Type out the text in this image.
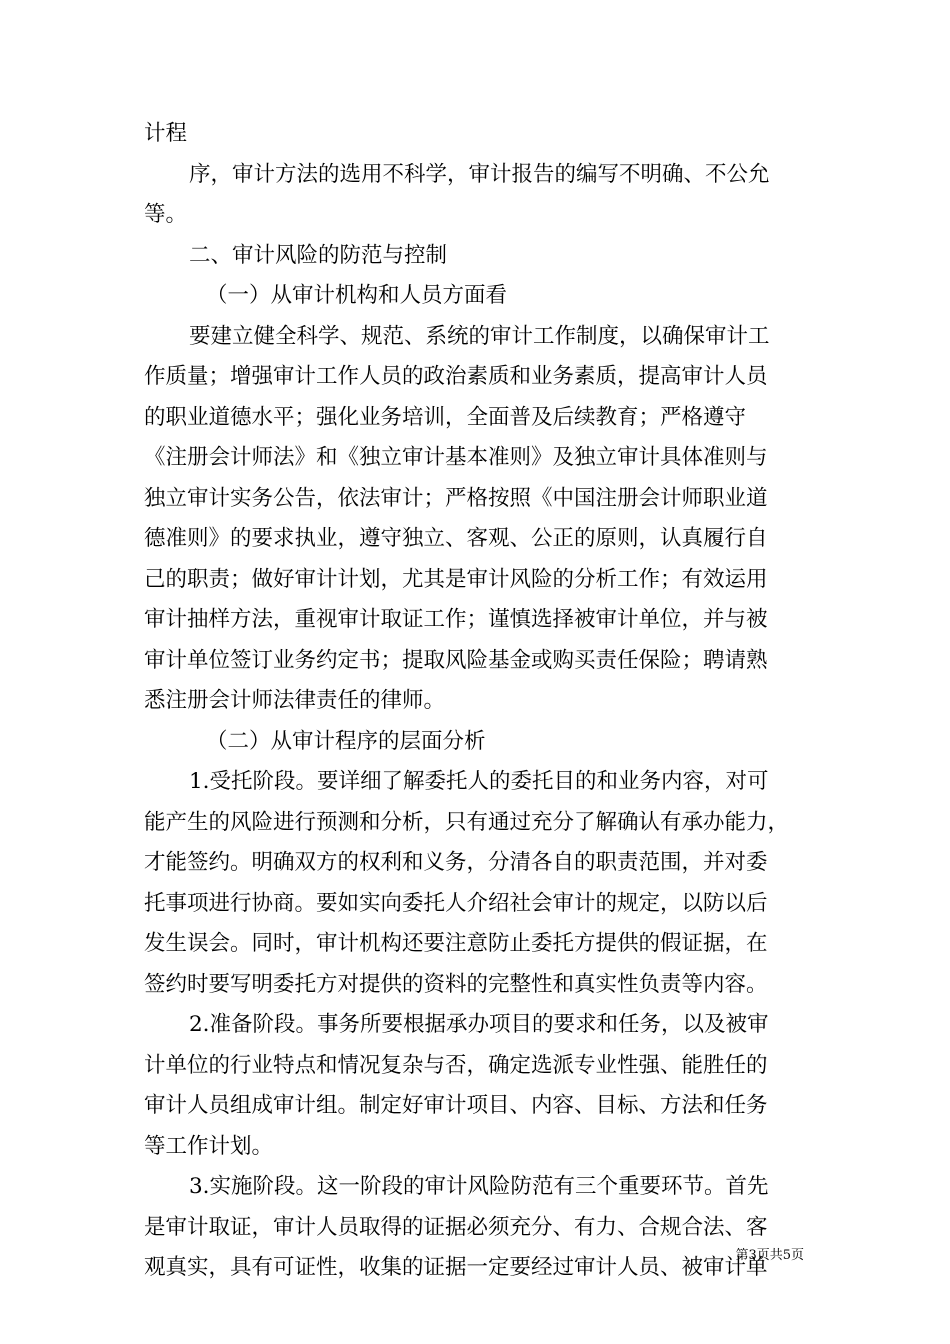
计程
序，审计方法的选用不科学，审计报告的编写不明确、不公允
等。
二、审计风险的防范与控制
（一）从审计机构和人员方面看
要建立健全科学、规范、系统的审计工作制度，以确保审计工
作质量；增强审计工作人员的政治素质和业务素质，提高审计人员
的职业道德水平；强化业务培训，全面普及后续教育；严格遵守
《注册会计师法》和《独立审计基本准则》及独立审计具体准则与
独立审计实务公告，依法审计；严格按照《中国注册会计师职业道
德准则》的要求执业，遵守独立、客观、公正的原则，认真履行自
己的职责；做好审计计划，尤其是审计风险的分析工作；有效运用
审计抽样方法，重视审计取证工作；谨慎选择被审计单位，并与被
审计单位签订业务约定书；提取风险基金或购买责任保险；聘请熟
悉注册会计师法律责任的律师。
（二）从审计程序的层面分析
1.受托阶段。要详细了解委托人的委托目的和业务内容，对可
能产生的风险进行预测和分析，只有通过充分了解确认有承办能力，
才能签约。明确双方的权利和义务，分清各自的职责范围，并对委
托事项进行协商。要如实向委托人介绍社会审计的规定，以防以后
发生误会。同时，审计机构还要注意防止委托方提供的假证据，在
签约时要写明委托方对提供的资料的完整性和真实性负责等内容。
2.准备阶段。事务所要根据承办项目的要求和任务，以及被审
计单位的行业特点和情况复杂与否，确定选派专业性强、能胜任的
审计人员组成审计组。制定好审计项目、内容、目标、方法和任务
等工作计划。
3.实施阶段。这一阶段的审计风险防范有三个重要环节。首先
是审计取证，审计人员取得的证据必须充分、有力、合规合法、客
观真实，具有可证性，收集的证据一定要经过审计人员、被审计单
第3页共5页
